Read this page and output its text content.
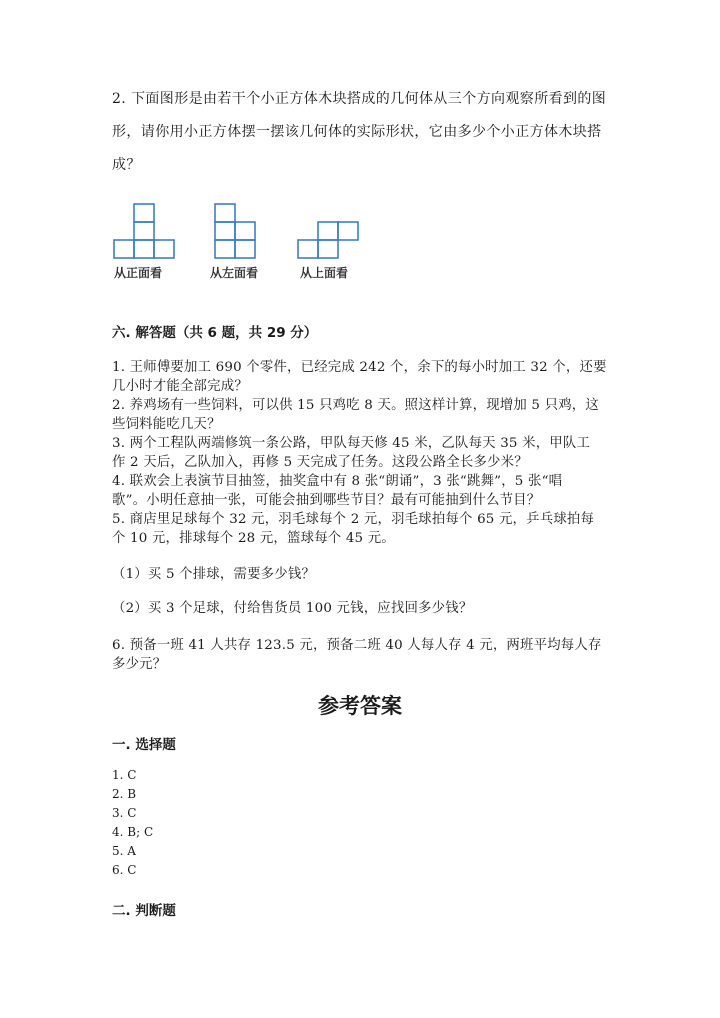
2. 下面图形是由若干个小正方体木块搭成的几何体从三个方向观察所看到的图
形，请你用小正方体摆一摆该几何体的实际形状，它由多少个小正方体木块搭
成？
从正面看	从左面看	从上面看
六. 解答题（共 6 题，共 29 分）
1. 王师傅要加工 690 个零件，已经完成 242 个，余下的每小时加工 32 个，还要
几小时才能全部完成？
2. 养鸡场有一些饲料，可以供 15 只鸡吃 8 天。照这样计算，现增加 5 只鸡，这
些饲料能吃几天？
3. 两个工程队两端修筑一条公路，甲队每天修 45 米，乙队每天 35 米，甲队工
作 2 天后，乙队加入，再修 5 天完成了任务。这段公路全长多少米？
4. 联欢会上表演节目抽签，抽奖盒中有 8 张“朗诵”，3 张“跳舞”，5 张“唱
歌”。小明任意抽一张，可能会抽到哪些节目？最有可能抽到什么节目？
5. 商店里足球每个 32 元，羽毛球每个 2 元，羽毛球拍每个 65 元，乒乓球拍每
个 10 元，排球每个 28 元，篮球每个 45 元。
（1）买 5 个排球，需要多少钱？
（2）买 3 个足球，付给售货员 100 元钱，应找回多少钱？
6. 预备一班 41 人共存 123.5 元，预备二班 40 人每人存 4 元，两班平均每人存
多少元？
参考答案
一. 选择题
1. C
2. B
3. C
4. B; C
5. A
6. C
二. 判断题
